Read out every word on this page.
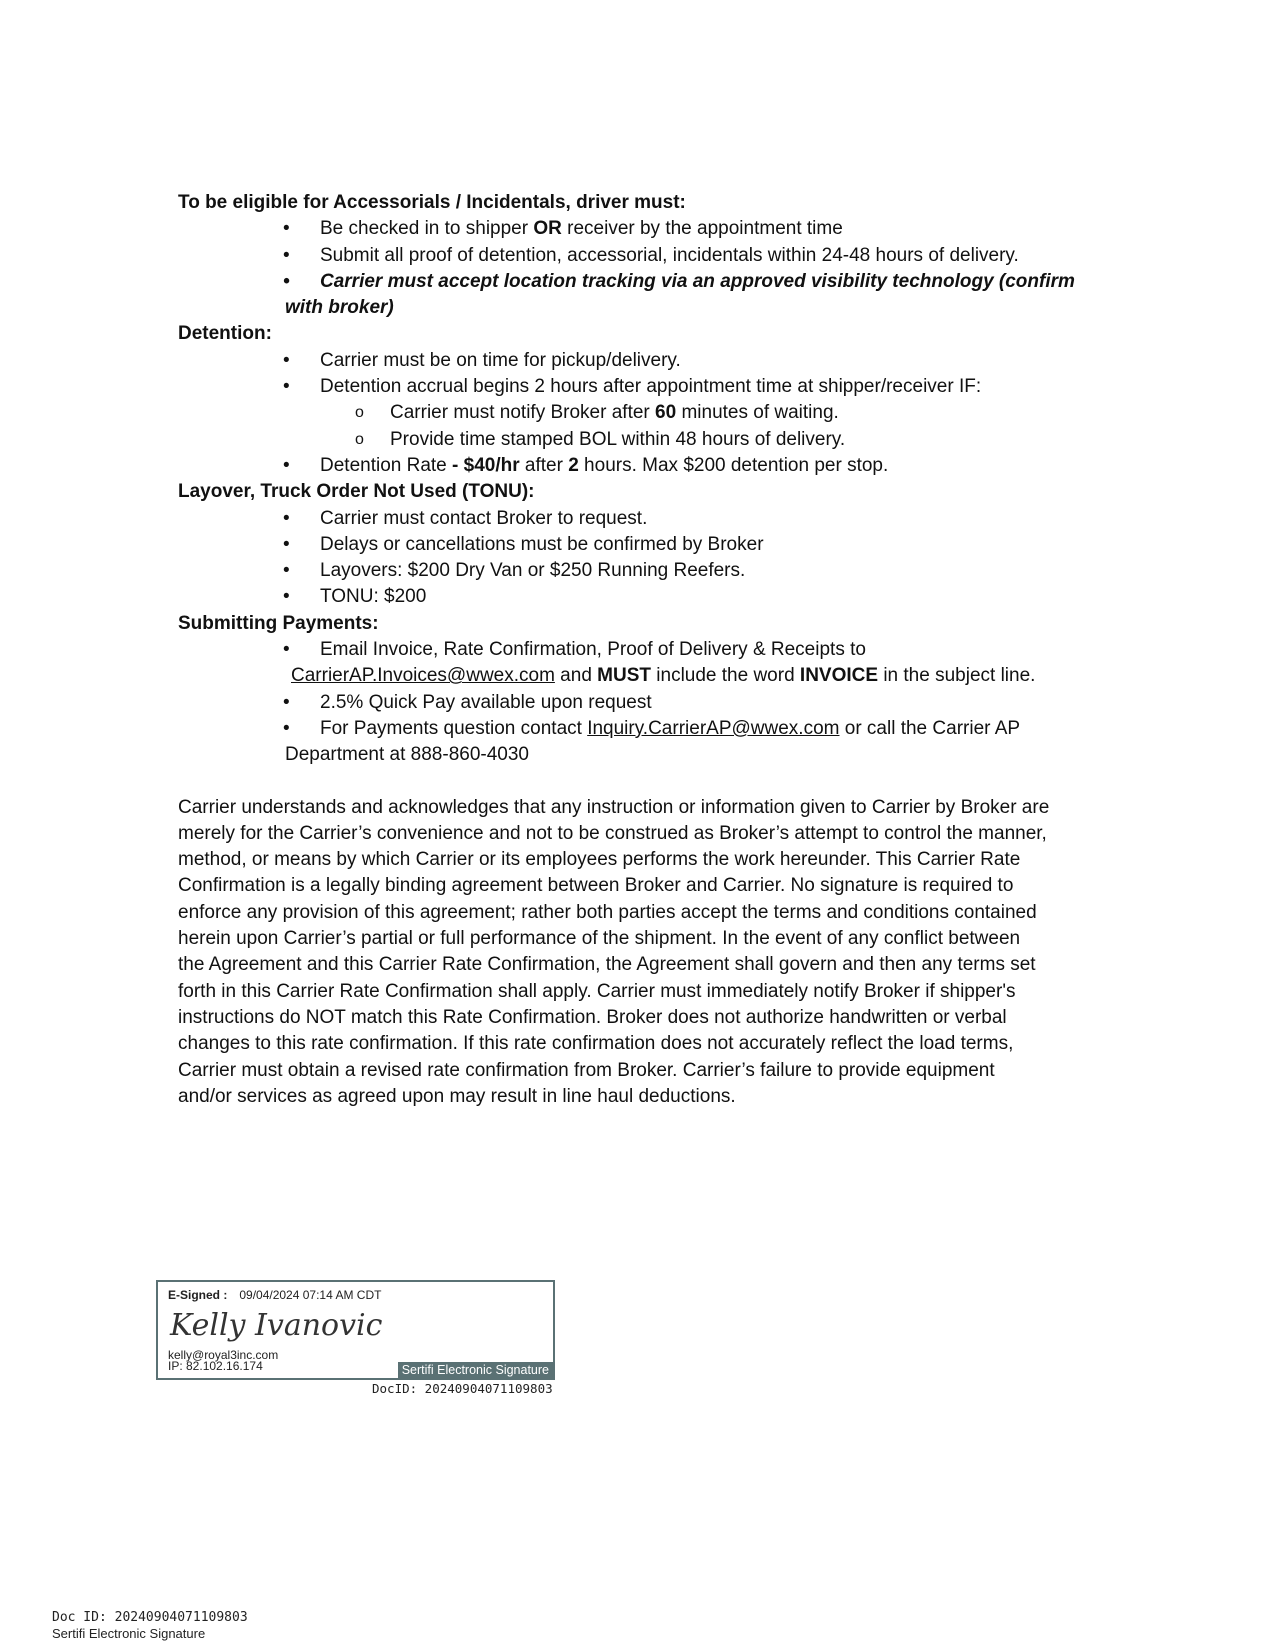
To be eligible for Accessorials / Incidentals, driver must:
• Be checked in to shipper OR receiver by the appointment time
• Submit all proof of detention, accessorial, incidentals within 24-48 hours of delivery.
• Carrier must accept location tracking via an approved visibility technology (confirm
with broker)
Detention:
• Carrier must be on time for pickup/delivery.
• Detention accrual begins 2 hours after appointment time at shipper/receiver IF:
o Carrier must notify Broker after 60 minutes of waiting.
o Provide time stamped BOL within 48 hours of delivery.
• Detention Rate - $40/hr after 2 hours. Max $200 detention per stop.
Layover, Truck Order Not Used (TONU):
• Carrier must contact Broker to request.
• Delays or cancellations must be confirmed by Broker
• Layovers: $200 Dry Van or $250 Running Reefers.
• TONU: $200
Submitting Payments:
• Email Invoice, Rate Confirmation, Proof of Delivery & Receipts to
CarrierAP.Invoices@wwex.com and MUST include the word INVOICE in the subject line.
• 2.5% Quick Pay available upon request
• For Payments question contact Inquiry.CarrierAP@wwex.com or call the Carrier AP
Department at 888-860-4030
Carrier understands and acknowledges that any instruction or information given to Carrier by Broker are
merely for the Carrier’s convenience and not to be construed as Broker’s attempt to control the manner,
method, or means by which Carrier or its employees performs the work hereunder. This Carrier Rate
Confirmation is a legally binding agreement between Broker and Carrier. No signature is required to
enforce any provision of this agreement; rather both parties accept the terms and conditions contained
herein upon Carrier’s partial or full performance of the shipment. In the event of any conflict between
the Agreement and this Carrier Rate Confirmation, the Agreement shall govern and then any terms set
forth in this Carrier Rate Confirmation shall apply. Carrier must immediately notify Broker if shipper's
instructions do NOT match this Rate Confirmation. Broker does not authorize handwritten or verbal
changes to this rate confirmation. If this rate confirmation does not accurately reflect the load terms,
Carrier must obtain a revised rate confirmation from Broker. Carrier’s failure to provide equipment
and/or services as agreed upon may result in line haul deductions.
E-Signed : 09/04/2024 07:14 AM CDT
Kelly Ivanovic
kelly@royal3inc.com
IP: 82.102.16.174	Sertifi Electronic Signature
DocID: 20240904071109803
Doc ID: 20240904071109803
Sertifi Electronic Signature
